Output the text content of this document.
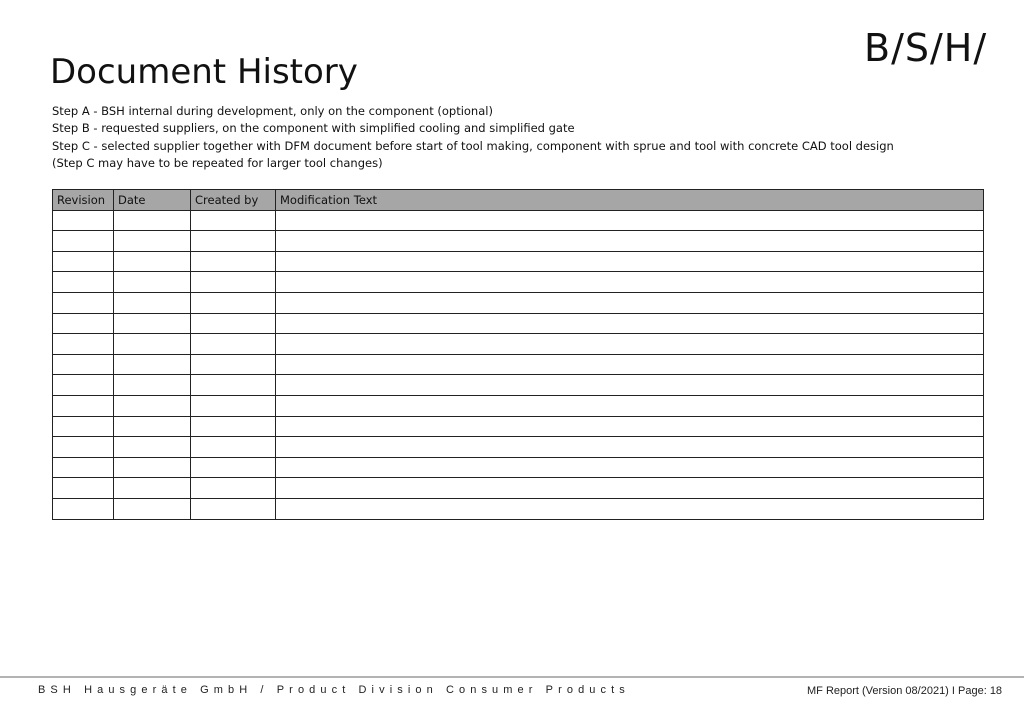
B/S/H/
Document History
Step A - BSH internal during development, only on the component (optional)
Step B - requested suppliers, on the component with simplified cooling and simplified gate
Step C - selected supplier together with DFM document before start of tool making, component with sprue and tool with concrete CAD tool design
(Step C may have to be repeated for larger tool changes)
Revision	Date	Created by	Modification Text

BSH Hausgeräte GmbH / Product Division Consumer Products	MF Report (Version 08/2021) I Page: 18
